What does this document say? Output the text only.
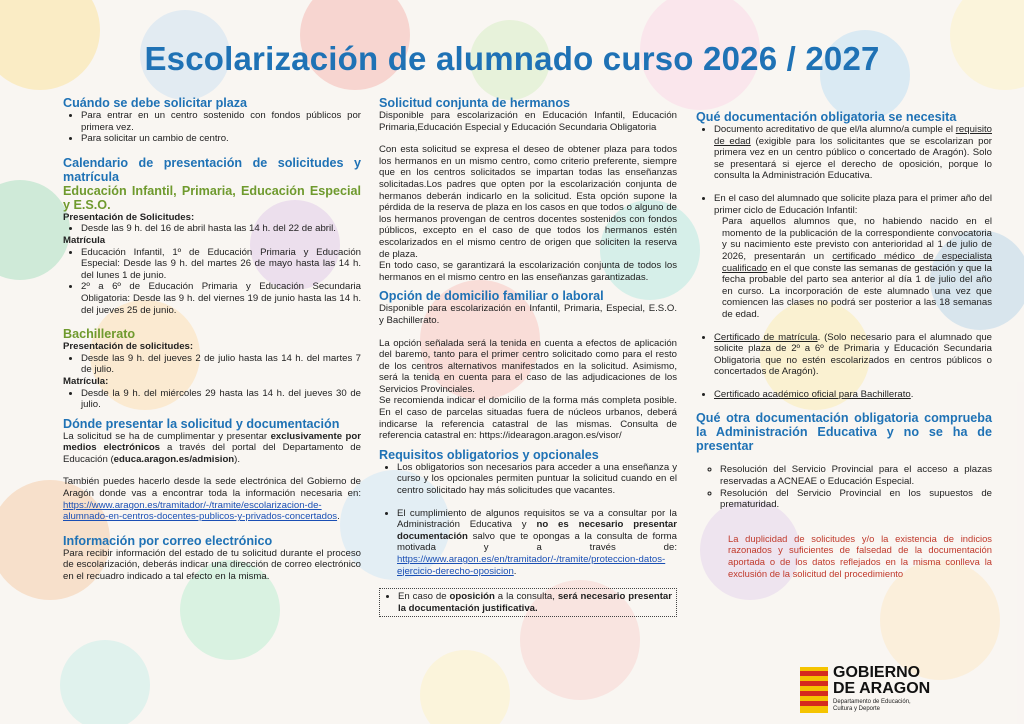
Escolarización de alumnado curso 2026 / 2027

Cuándo se debe solicitar plaza

• Para entrar en un centro sostenido con fondos públicos por primera vez.
• Para solicitar un cambio de centro.

Calendario de presentación de solicitudes y matrícula

Educación Infantil, Primaria, Educación Especial y E.S.O.

Presentación de Solicitudes:

• Desde las 9 h. del 16 de abril hasta las 14 h. del 22 de abril.

Matrícula

• Educación Infantil, 1º de Educación Primaria y Educación Especial: Desde las 9 h. del martes 26 de mayo hasta las 14 h. del lunes 1 de junio.
• 2º a 6º de Educación Primaria y Educación Secundaria Obligatoria: Desde las 9 h. del viernes 19 de junio hasta las 14 h. del jueves 25 de junio.

Bachillerato

Presentación de solicitudes:

• Desde las 9 h. del jueves 2 de julio hasta las 14 h. del martes 7 de julio.

Matrícula:

• Desde la 9 h. del miércoles 29 hasta las 14 h. del jueves 30 de julio.

Dónde presentar la solicitud y documentación

La solicitud se ha de cumplimentar y presentar exclusivamente por medios electrónicos a través del portal del Departamento de Educación (educa.aragon.es/admision).

También puedes hacerlo desde la sede electrónica del Gobierno de Aragón donde vas a encontrar toda la información necesaria en: https://www.aragon.es/tramitador/-/tramite/escolarizacion-de-alumnado-en-centros-docentes-publicos-y-privados-concertados.

Información por correo electrónico

Para recibir información del estado de tu solicitud durante el proceso de escolarización, deberás indicar una dirección de correo electrónico en el recuadro indicado a tal efecto en la misma.

Solicitud conjunta de hermanos

Disponible para escolarización en Educación Infantil, Educación Primaria,Educación Especial y Educación Secundaria Obligatoria

Con esta solicitud se expresa el deseo de obtener plaza para todos los hermanos en un mismo centro, como criterio preferente, siempre que en los centros solicitados se impartan todas las enseñanzas solicitadas.Los padres que opten por la escolarización conjunta de hermanos deberán indicarlo en la solicitud. Esta opción supone la pérdida de la reserva de plaza en los casos en que todos o alguno de los hermanos provengan de centros docentes sostenidos con fondos públicos, excepto en el caso de que todos los hermanos estén escolarizados en el mismo centro de origen que soliciten la reserva de plaza.

En todo caso, se garantizará la escolarización conjunta de todos los hermanos en el mismo centro en las enseñanzas garantizadas.

Opción de domicilio familiar o laboral

Disponible para escolarización en Infantil, Primaria, Especial, E.S.O. y Bachillerato.

La opción señalada será la tenida en cuenta a efectos de aplicación del baremo, tanto para el primer centro solicitado como para el resto de los centros alternativos manifestados en la solicitud. Asimismo, será la tenida en cuenta para el caso de las adjudicaciones de los Servicios Provinciales.

Se recomienda indicar el domicilio de la forma más completa posible. En el caso de parcelas situadas fuera de núcleos urbanos, deberá indicarse la referencia catastral de las mismas. Consulta de referencia catastral en: https://idearagon.aragon.es/visor/

Requisitos obligatorios y opcionales

• Los obligatorios son necesarios para acceder a una enseñanza y curso y los opcionales permiten puntuar la solicitud cuando en el centro solicitado hay más solicitudes que vacantes.
• El cumplimiento de algunos requisitos se va a consultar por la Administración Educativa y no es necesario presentar documentación salvo que te opongas a la consulta de forma motivada y a través de: https://www.aragon.es/en/tramitador/-/tramite/proteccion-datos-ejercicio-derecho-oposicion.
• En caso de oposición a la consulta, será necesario presentar la documentación justificativa.

Qué documentación obligatoria se necesita

• Documento acreditativo de que el/la alumno/a cumple el requisito de edad (exigible para los solicitantes que se escolarizan por primera vez en un centro público o concertado de Aragón). Solo se presentará si ejerce el derecho de oposición, porque lo consulta la Administración Educativa.
• En el caso del alumnado que solicite plaza para el primer año del primer ciclo de Educación Infantil:

Para aquellos alumnos que, no habiendo nacido en el momento de la publicación de la correspondiente convocatoria y su nacimiento este previsto con anterioridad al 1 de julio de 2026, presentarán un certificado médico de especialista cualificado en el que conste las semanas de gestación y que la fecha probable del parto sea anterior al día 1 de julio del año en curso. La incorporación de este alumnado una vez que comiencen las clases no podrá ser posterior a las 18 semanas de edad.

• Certificado de matrícula. (Solo necesario para el alumnado que solicite plaza de 2º a 6º de Primaria y Educación Secundaria Obligatoria que no estén escolarizados en centros públicos o concertados de Aragón).
• Certificado académico oficial para Bachillerato.

Qué otra documentación obligatoria comprueba la Administración Educativa y no se ha de presentar

◦ Resolución del Servicio Provincial para el acceso a plazas reservadas a ACNEAE o Educación Especial.
◦ Resolución del Servicio Provincial en los supuestos de prematuridad.

La duplicidad de solicitudes y/o la existencia de indicios razonados y suficientes de falsedad de la documentación aportada o de los datos reflejados en la misma conlleva la exclusión de la solicitud del procedimiento

GOBIERNO
DE ARAGON
Departamento de Educación,
Cultura y Deporte
